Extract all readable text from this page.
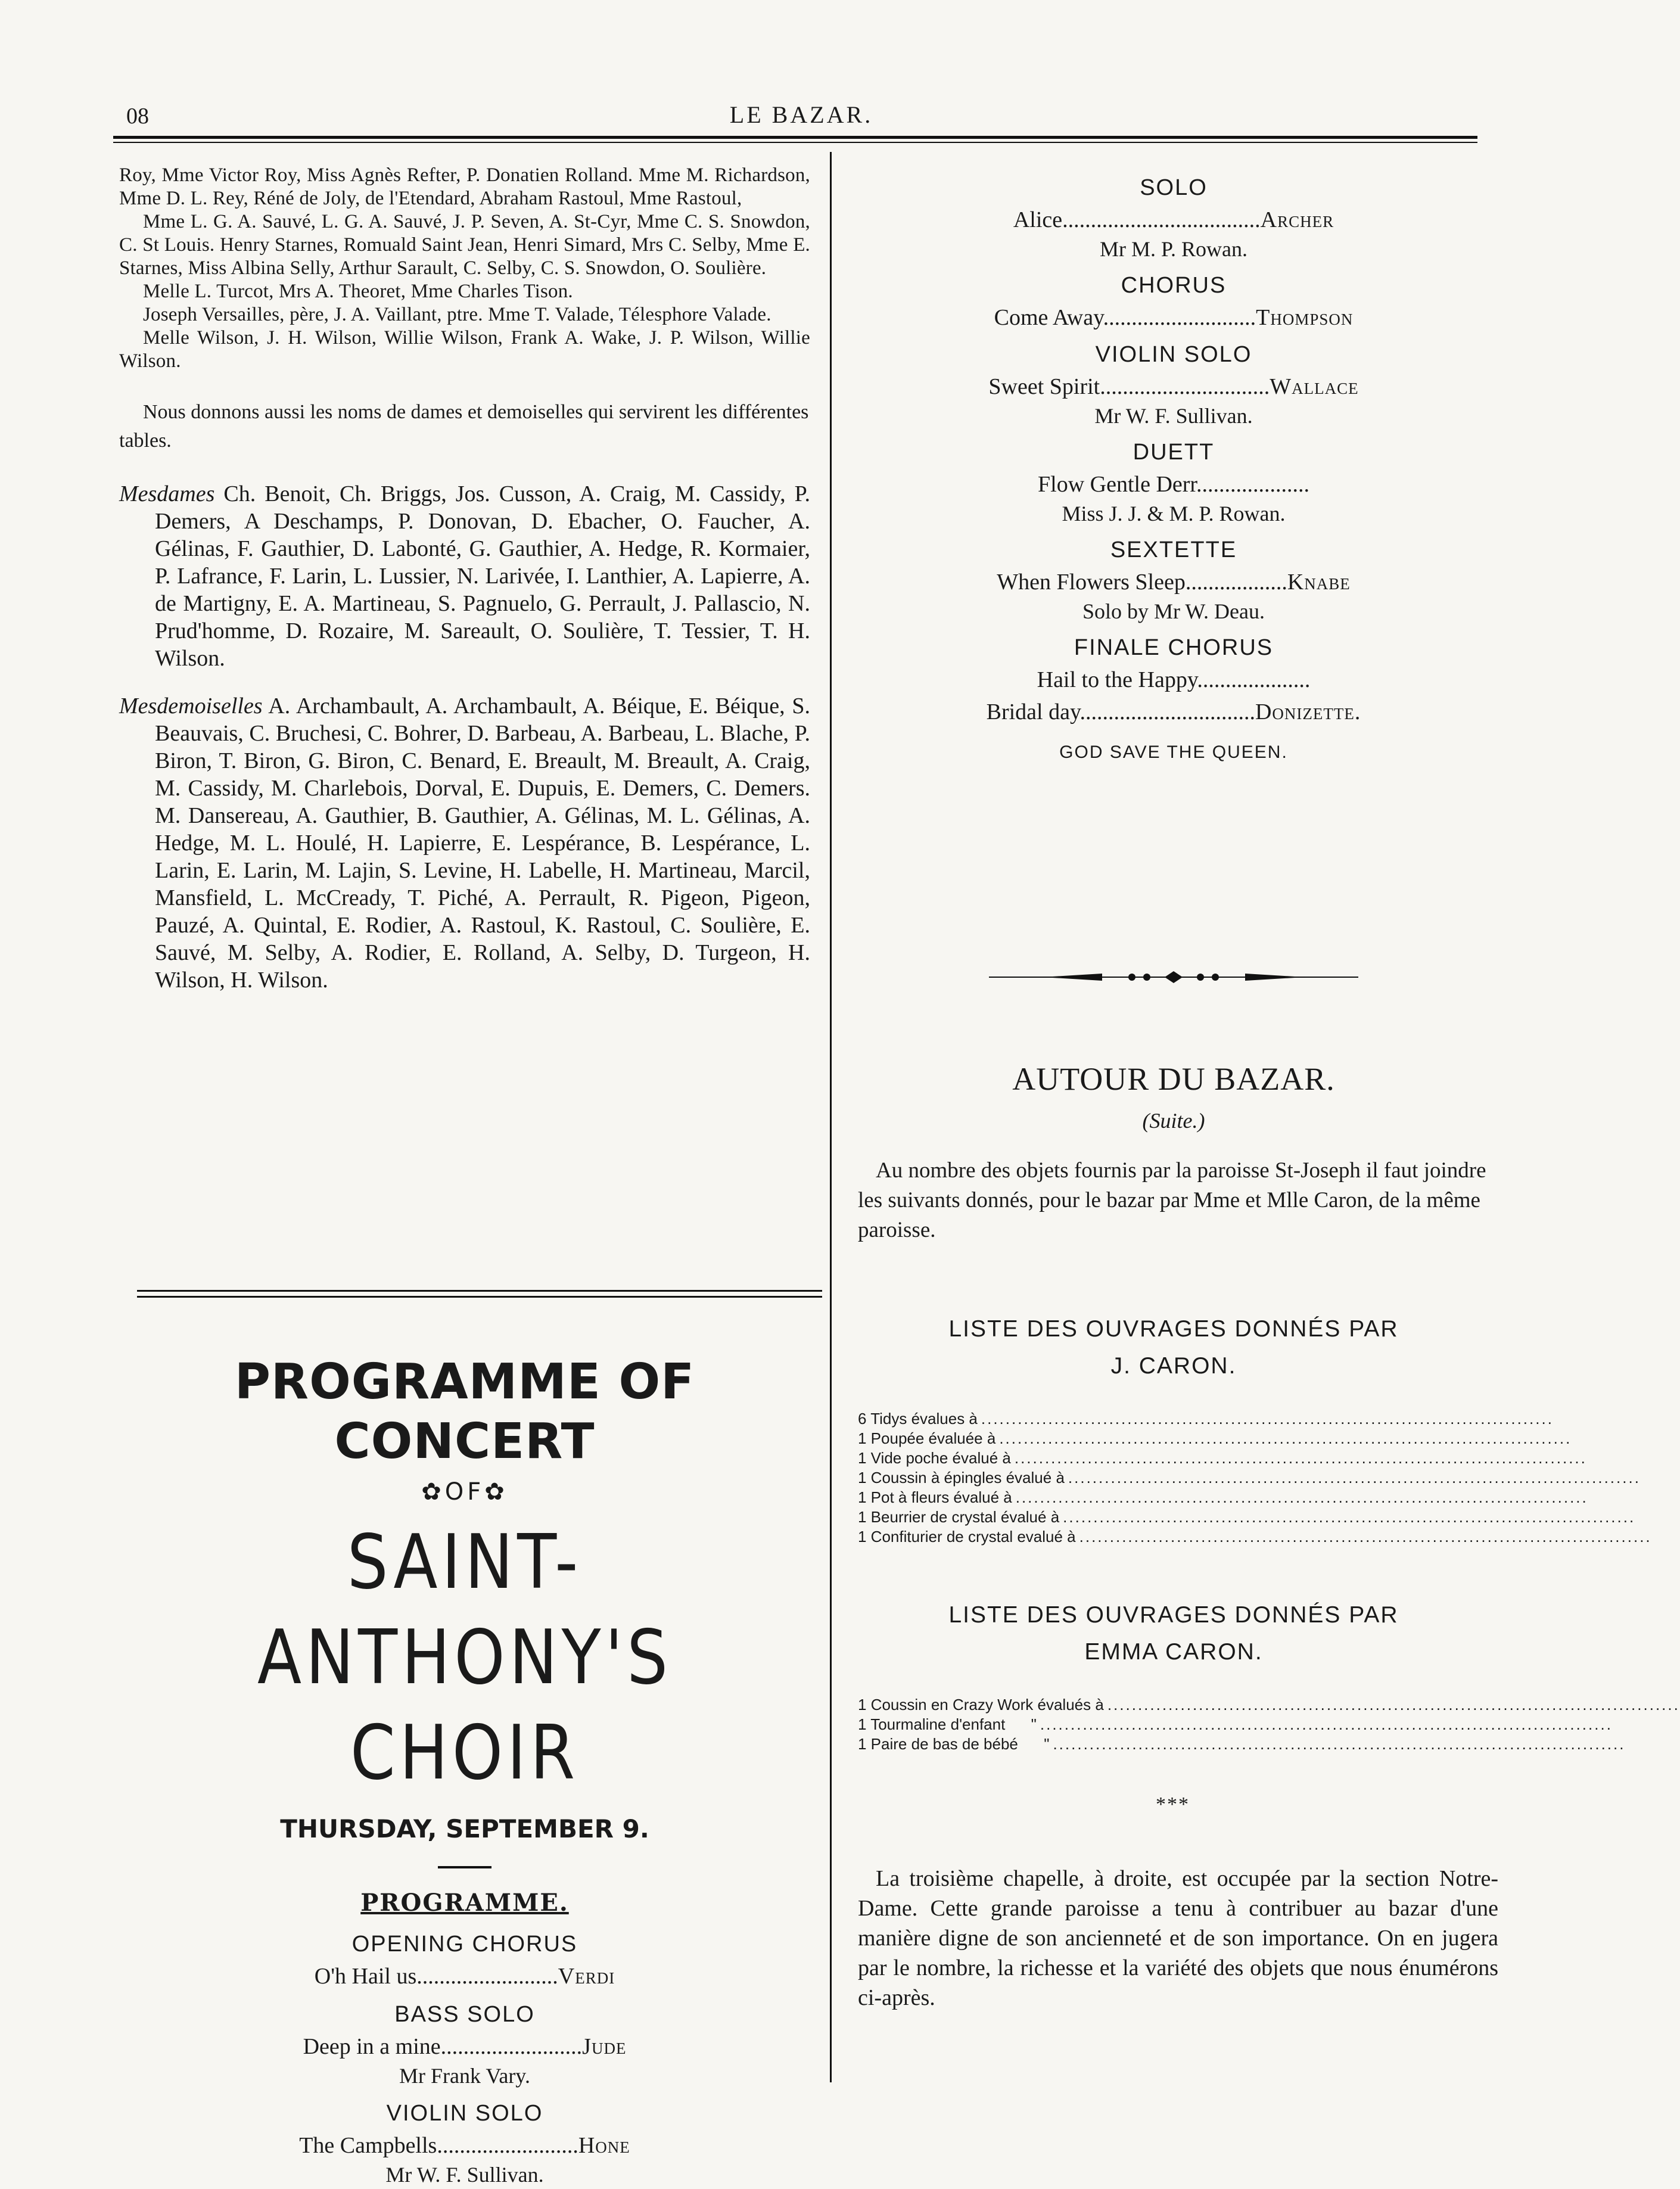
08	LE BAZAR.

Roy, Mme Victor Roy, Miss Agnès Refter, P. Donatien Rolland. Mme M. Richardson, Mme D. L. Rey, Réné de Joly, de l'Etendard, Abraham Rastoul, Mme Rastoul,

Mme L. G. A. Sauvé, L. G. A. Sauvé, J. P. Seven, A. St-Cyr, Mme C. S. Snowdon, C. St Louis. Henry Starnes, Romuald Saint Jean, Henri Simard, Mrs C. Selby, Mme E. Starnes, Miss Albina Selly, Arthur Sarault, C. Selby, C. S. Snowdon, O. Soulière.

Melle L. Turcot, Mrs A. Theoret, Mme Charles Tison.

Joseph Versailles, père, J. A. Vaillant, ptre. Mme T. Valade, Télesphore Valade.

Melle Wilson, J. H. Wilson, Willie Wilson, Frank A. Wake, J. P. Wilson, Willie Wilson.

Nous donnons aussi les noms de dames et demoiselles qui servirent les différentes tables.

Mesdames Ch. Benoit, Ch. Briggs, Jos. Cusson, A. Craig, M. Cassidy, P. Demers, A Deschamps, P. Donovan, D. Ebacher, O. Faucher, A. Gélinas, F. Gauthier, D. Labonté, G. Gauthier, A. Hedge, R. Kormaier, P. Lafrance, F. Larin, L. Lussier, N. Larivée, I. Lanthier, A. Lapierre, A. de Martigny, E. A. Martineau, S. Pagnuelo, G. Perrault, J. Pallascio, N. Prud'homme, D. Rozaire, M. Sareault, O. Soulière, T. Tessier, T. H. Wilson.

Mesdemoiselles A. Archambault, A. Archambault, A. Béique, E. Béique, S. Beauvais, C. Bruchesi, C. Bohrer, D. Barbeau, A. Barbeau, L. Blache, P. Biron, T. Biron, G. Biron, C. Benard, E. Breault, M. Breault, A. Craig, M. Cassidy, M. Charlebois, Dorval, E. Dupuis, E. Demers, C. Demers. M. Dansereau, A. Gauthier, B. Gauthier, A. Gélinas, M. L. Gélinas, A. Hedge, M. L. Houlé, H. Lapierre, E. Lespérance, B. Lespérance, L. Larin, E. Larin, M. Lajin, S. Levine, H. Labelle, H. Martineau, Marcil, Mansfield, L. McCready, T. Piché, A. Perrault, R. Pigeon, Pigeon, Pauzé, A. Quintal, E. Rodier, A. Rastoul, K. Rastoul, C. Soulière, E. Sauvé, M. Selby, A. Rodier, E. Rolland, A. Selby, D. Turgeon, H. Wilson, H. Wilson.

PROGRAMME OF CONCERT
✿OF✿
SAINT-ANTHONY'S CHOIR
THURSDAY, SEPTEMBER 9.
PROGRAMME.
OPENING CHORUS
O'h Hail us.........................Verdi
BASS SOLO
Deep in a mine.........................Jude
Mr Frank Vary.
VIOLIN SOLO
The Campbells.........................Hone
Mr W. F. Sullivan.
SOLO
Alice...................................Archer
Mr M. P. Rowan.
CHORUS
Come Away...........................Thompson
VIOLIN SOLO
Sweet Spirit..............................Wallace
Mr W. F. Sullivan.
DUETT
Flow Gentle Derr....................
Miss J. J. & M. P. Rowan.
SEXTETTE
When Flowers Sleep..................Knabe
Solo by Mr W. Deau.
FINALE CHORUS
Hail to the Happy....................
Bridal day...............................Donizette.
GOD SAVE THE QUEEN.
AUTOUR DU BAZAR.
(Suite.)

Au nombre des objets fournis par la paroisse St-Joseph il faut joindre les suivants donnés, pour le bazar par Mme et Mlle Caron, de la même paroisse.

LISTE DES OUVRAGES DONNÉS PAR
J. CARON.
6 Tidys évalues à ..............................................................................................
1 Poupée évaluée à ..............................................................................................
1 Vide poche évalué à ..............................................................................................
1 Coussin à épingles évalué à ..............................................................................................
1 Pot à fleurs évalué à ..............................................................................................
1 Beurrier de crystal évalué à ..............................................................................................
1 Confiturier de crystal evalué à ..............................................................................................
LISTE DES OUVRAGES DONNÉS PAR
EMMA CARON.
1 Coussin en Crazy Work évalués à ..............................................................................................
1 Tourmaline d'enfant      " ..............................................................................................
1 Paire de bas de bébé      " ..............................................................................................
***

La troisième chapelle, à droite, est occupée par la section Notre-Dame. Cette grande paroisse a tenu à contribuer au bazar d'une manière digne de son ancienneté et de son importance. On en jugera par le nombre, la richesse et la variété des objets que nous énumérons ci-après.
